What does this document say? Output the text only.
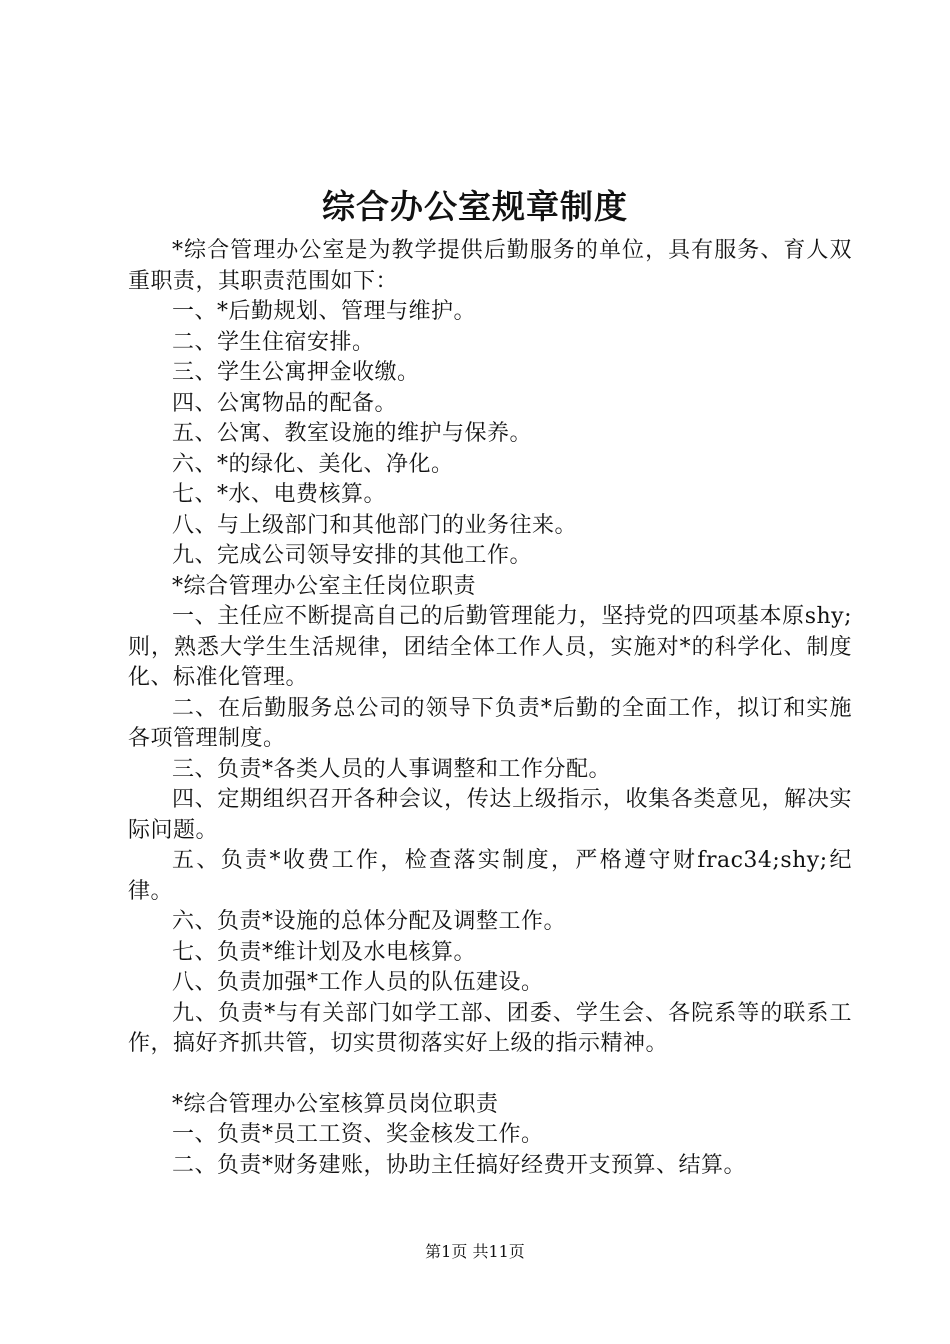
综合办公室规章制度

*综合管理办公室是为教学提供后勤服务的单位，具有服务、育人双重职责，其职责范围如下：

一、*后勤规划、管理与维护。

二、学生住宿安排。

三、学生公寓押金收缴。

四、公寓物品的配备。

五、公寓、教室设施的维护与保养。

六、*的绿化、美化、净化。

七、*水、电费核算。

八、与上级部门和其他部门的业务往来。

九、完成公司领导安排的其他工作。

*综合管理办公室主任岗位职责

一、主任应不断提高自己的后勤管理能力，坚持党的四项基本原shy;则，熟悉大学生生活规律，团结全体工作人员，实施对*的科学化、制度化、标准化管理。

二、在后勤服务总公司的领导下负责*后勤的全面工作，拟订和实施各项管理制度。

三、负责*各类人员的人事调整和工作分配。

四、定期组织召开各种会议，传达上级指示，收集各类意见，解决实际问题。

五、负责*收费工作，检查落实制度，严格遵守财frac34;shy;纪律。

六、负责*设施的总体分配及调整工作。

七、负责*维计划及水电核算。

八、负责加强*工作人员的队伍建设。

九、负责*与有关部门如学工部、团委、学生会、各院系等的联系工作，搞好齐抓共管，切实贯彻落实好上级的指示精神。

*综合管理办公室核算员岗位职责

一、负责*员工工资、奖金核发工作。

二、负责*财务建账，协助主任搞好经费开支预算、结算。

第1页 共11页
